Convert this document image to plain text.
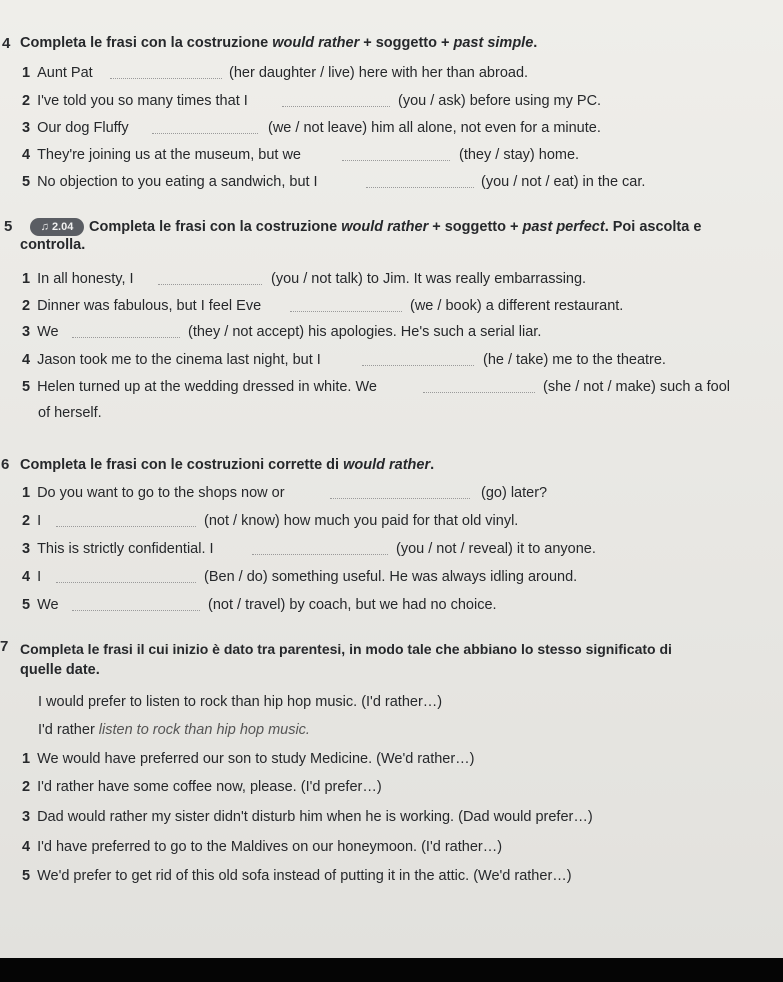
4 Completa le frasi con la costruzione would rather + soggetto + past simple.
1 Aunt Pat	(her daughter / live) here with her than abroad.
2 I've told you so many times that I	(you / ask) before using my PC.
3 Our dog Fluffy	(we / not leave) him all alone, not even for a minute.
4 They're joining us at the museum, but we	(they / stay) home.
5 No objection to you eating a sandwich, but I	(you / not / eat) in the car.
5	♫ 2.04	Completa le frasi con la costruzione would rather + soggetto + past perfect. Poi ascolta e
controlla.
1 In all honesty, I	(you / not talk) to Jim. It was really embarrassing.
2 Dinner was fabulous, but I feel Eve	(we / book) a different restaurant.
3 We	(they / not accept) his apologies. He's such a serial liar.
4 Jason took me to the cinema last night, but I	(he / take) me to the theatre.
5 Helen turned up at the wedding dressed in white. We	(she / not / make) such a fool
of herself.
6 Completa le frasi con le costruzioni corrette di would rather.
1 Do you want to go to the shops now or	(go) later?
2 I	(not / know) how much you paid for that old vinyl.
3 This is strictly confidential. I	(you / not / reveal) it to anyone.
4 I	(Ben / do) something useful. He was always idling around.
5 We	(not / travel) by coach, but we had no choice.
7 Completa le frasi il cui inizio è dato tra parentesi, in modo tale che abbiano lo stesso significato di
quelle date.
I would prefer to listen to rock than hip hop music. (I'd rather…)
I'd rather listen to rock than hip hop music.
1 We would have preferred our son to study Medicine. (We'd rather…)
2 I'd rather have some coffee now, please. (I'd prefer…)
3 Dad would rather my sister didn't disturb him when he is working. (Dad would prefer…)
4 I'd have preferred to go to the Maldives on our honeymoon. (I'd rather…)
5 We'd prefer to get rid of this old sofa instead of putting it in the attic. (We'd rather…)
